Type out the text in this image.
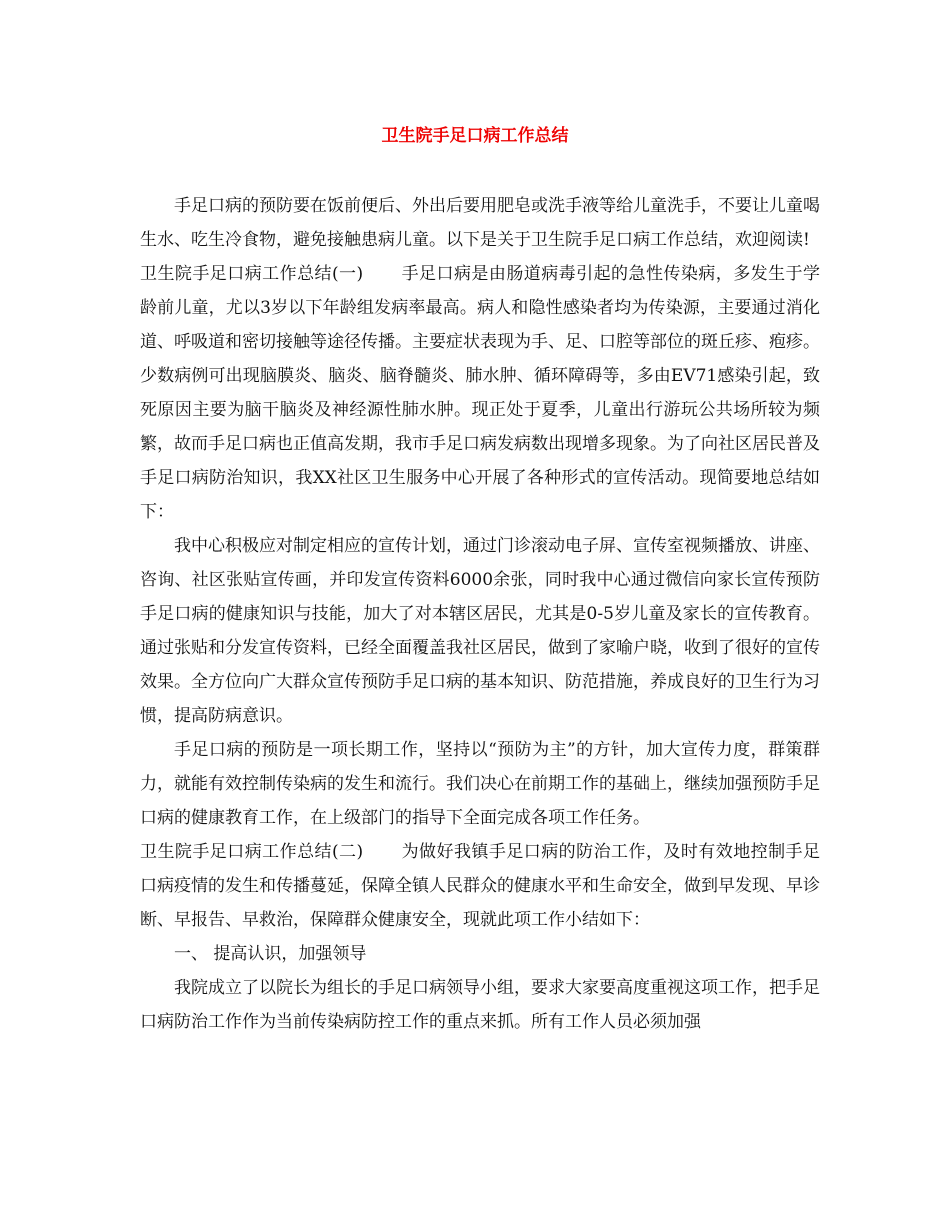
卫生院手足口病工作总结

手足口病的预防要在饭前便后、外出后要用肥皂或洗手液等给儿童洗手，不要让儿童喝生水、吃生冷食物，避免接触患病儿童。以下是关于卫生院手足口病工作总结，欢迎阅读!

卫生院手足口病工作总结(一) 手足口病是由肠道病毒引起的急性传染病，多发生于学龄前儿童，尤以3岁以下年龄组发病率最高。病人和隐性感染者均为传染源，主要通过消化道、呼吸道和密切接触等途径传播。主要症状表现为手、足、口腔等部位的斑丘疹、疱疹。少数病例可出现脑膜炎、脑炎、脑脊髓炎、肺水肿、循环障碍等，多由EV71感染引起，致死原因主要为脑干脑炎及神经源性肺水肿。现正处于夏季，儿童出行游玩公共场所较为频繁，故而手足口病也正值高发期，我市手足口病发病数出现增多现象。为了向社区居民普及手足口病防治知识，我XX社区卫生服务中心开展了各种形式的宣传活动。现简要地总结如下：

我中心积极应对制定相应的宣传计划，通过门诊滚动电子屏、宣传室视频播放、讲座、咨询、社区张贴宣传画，并印发宣传资料6000余张，同时我中心通过微信向家长宣传预防手足口病的健康知识与技能，加大了对本辖区居民，尤其是0-5岁儿童及家长的宣传教育。通过张贴和分发宣传资料，已经全面覆盖我社区居民，做到了家喻户晓，收到了很好的宣传效果。全方位向广大群众宣传预防手足口病的基本知识、防范措施，养成良好的卫生行为习惯，提高防病意识。

手足口病的预防是一项长期工作，坚持以“预防为主”的方针，加大宣传力度，群策群力，就能有效控制传染病的发生和流行。我们决心在前期工作的基础上，继续加强预防手足口病的健康教育工作，在上级部门的指导下全面完成各项工作任务。

卫生院手足口病工作总结(二) 为做好我镇手足口病的防治工作，及时有效地控制手足口病疫情的发生和传播蔓延，保障全镇人民群众的健康水平和生命安全，做到早发现、早诊断、早报告、早救治，保障群众健康安全，现就此项工作小结如下：

一、 提高认识，加强领导

我院成立了以院长为组长的手足口病领导小组，要求大家要高度重视这项工作，把手足口病防治工作作为当前传染病防控工作的重点来抓。所有工作人员必须加强
